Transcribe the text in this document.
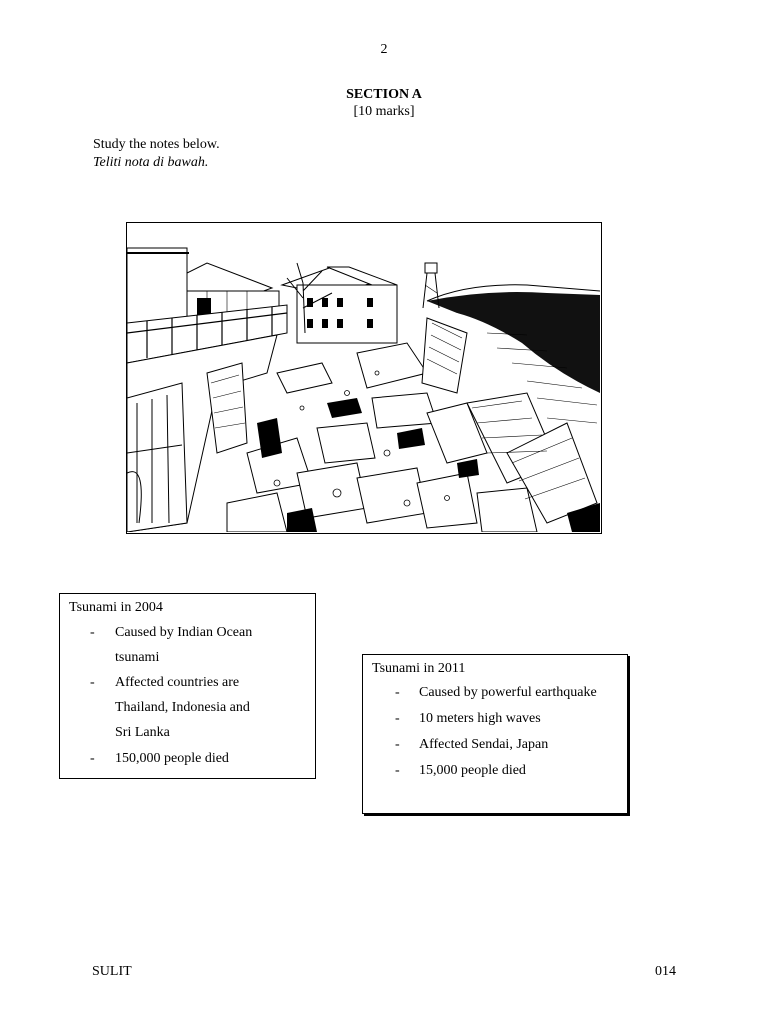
2
SECTION A
[10 marks]
Study the notes below.
Teliti nota di bawah.
Tsunami in 2004
- Caused by Indian Ocean
tsunami
- Affected countries are
Thailand, Indonesia and
Sri Lanka
- 150,000 people died
Tsunami in 2011
- Caused by powerful earthquake
- 10 meters high waves
- Affected Sendai, Japan
- 15,000 people died
SULIT	014
